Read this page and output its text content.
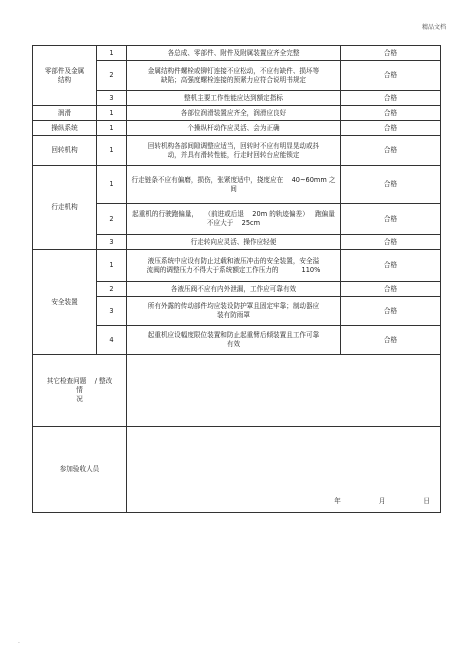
精品文档
零部件及金属
结构	1	各总成、零部件、附件及附属装置应齐全完整	合格
	2	金属结构件螺栓或铆钉连接不应松动，不应有缺件、损坏等
缺陷；高强度螺栓连接的预紧力应符合说明书规定	合格
	3	整机主要工作性能应达到额定指标	合格

润滑	1	各部位润滑装置应齐全，润滑应良好	合格

操纵系统	1	个操纵杆动作应灵活、会为正确	合格

回转机构	1	回转机构各部间隙调整应适当，回转时不应有明显晃动或抖
动，并具有滑转性能，行走时回转台应能锁定	合格

行走机构	1	行走链条不应有偏磨，损伤，张紧度适中，挠度应在    40~60mm 之
间	合格
	2	起重机的行驶跑偏量，   （前进或后退    20m 的轨迹偏差）   跑偏量
不应大于    25cm	合格
	3	行走转向应灵活、操作应轻便	合格

安全装置	1	液压系统中应设有防止过载和液压冲击的安全装置，安全溢
流阀的调整压力不得大于系统额定工作压力的           110%	合格
	2	各液压阀不应有内外泄漏，工作应可靠有效	合格
	3	所有外露的传动部件均应装设防护罩且固定牢靠；制动器应
装有防雨罩	合格
	4	起重机应设幅度限位装置和防止起重臂后倾装置且工作可靠
有效	合格

其它检查问题    / 整改
情
况			

参加验收人员		年 月 日	
.
